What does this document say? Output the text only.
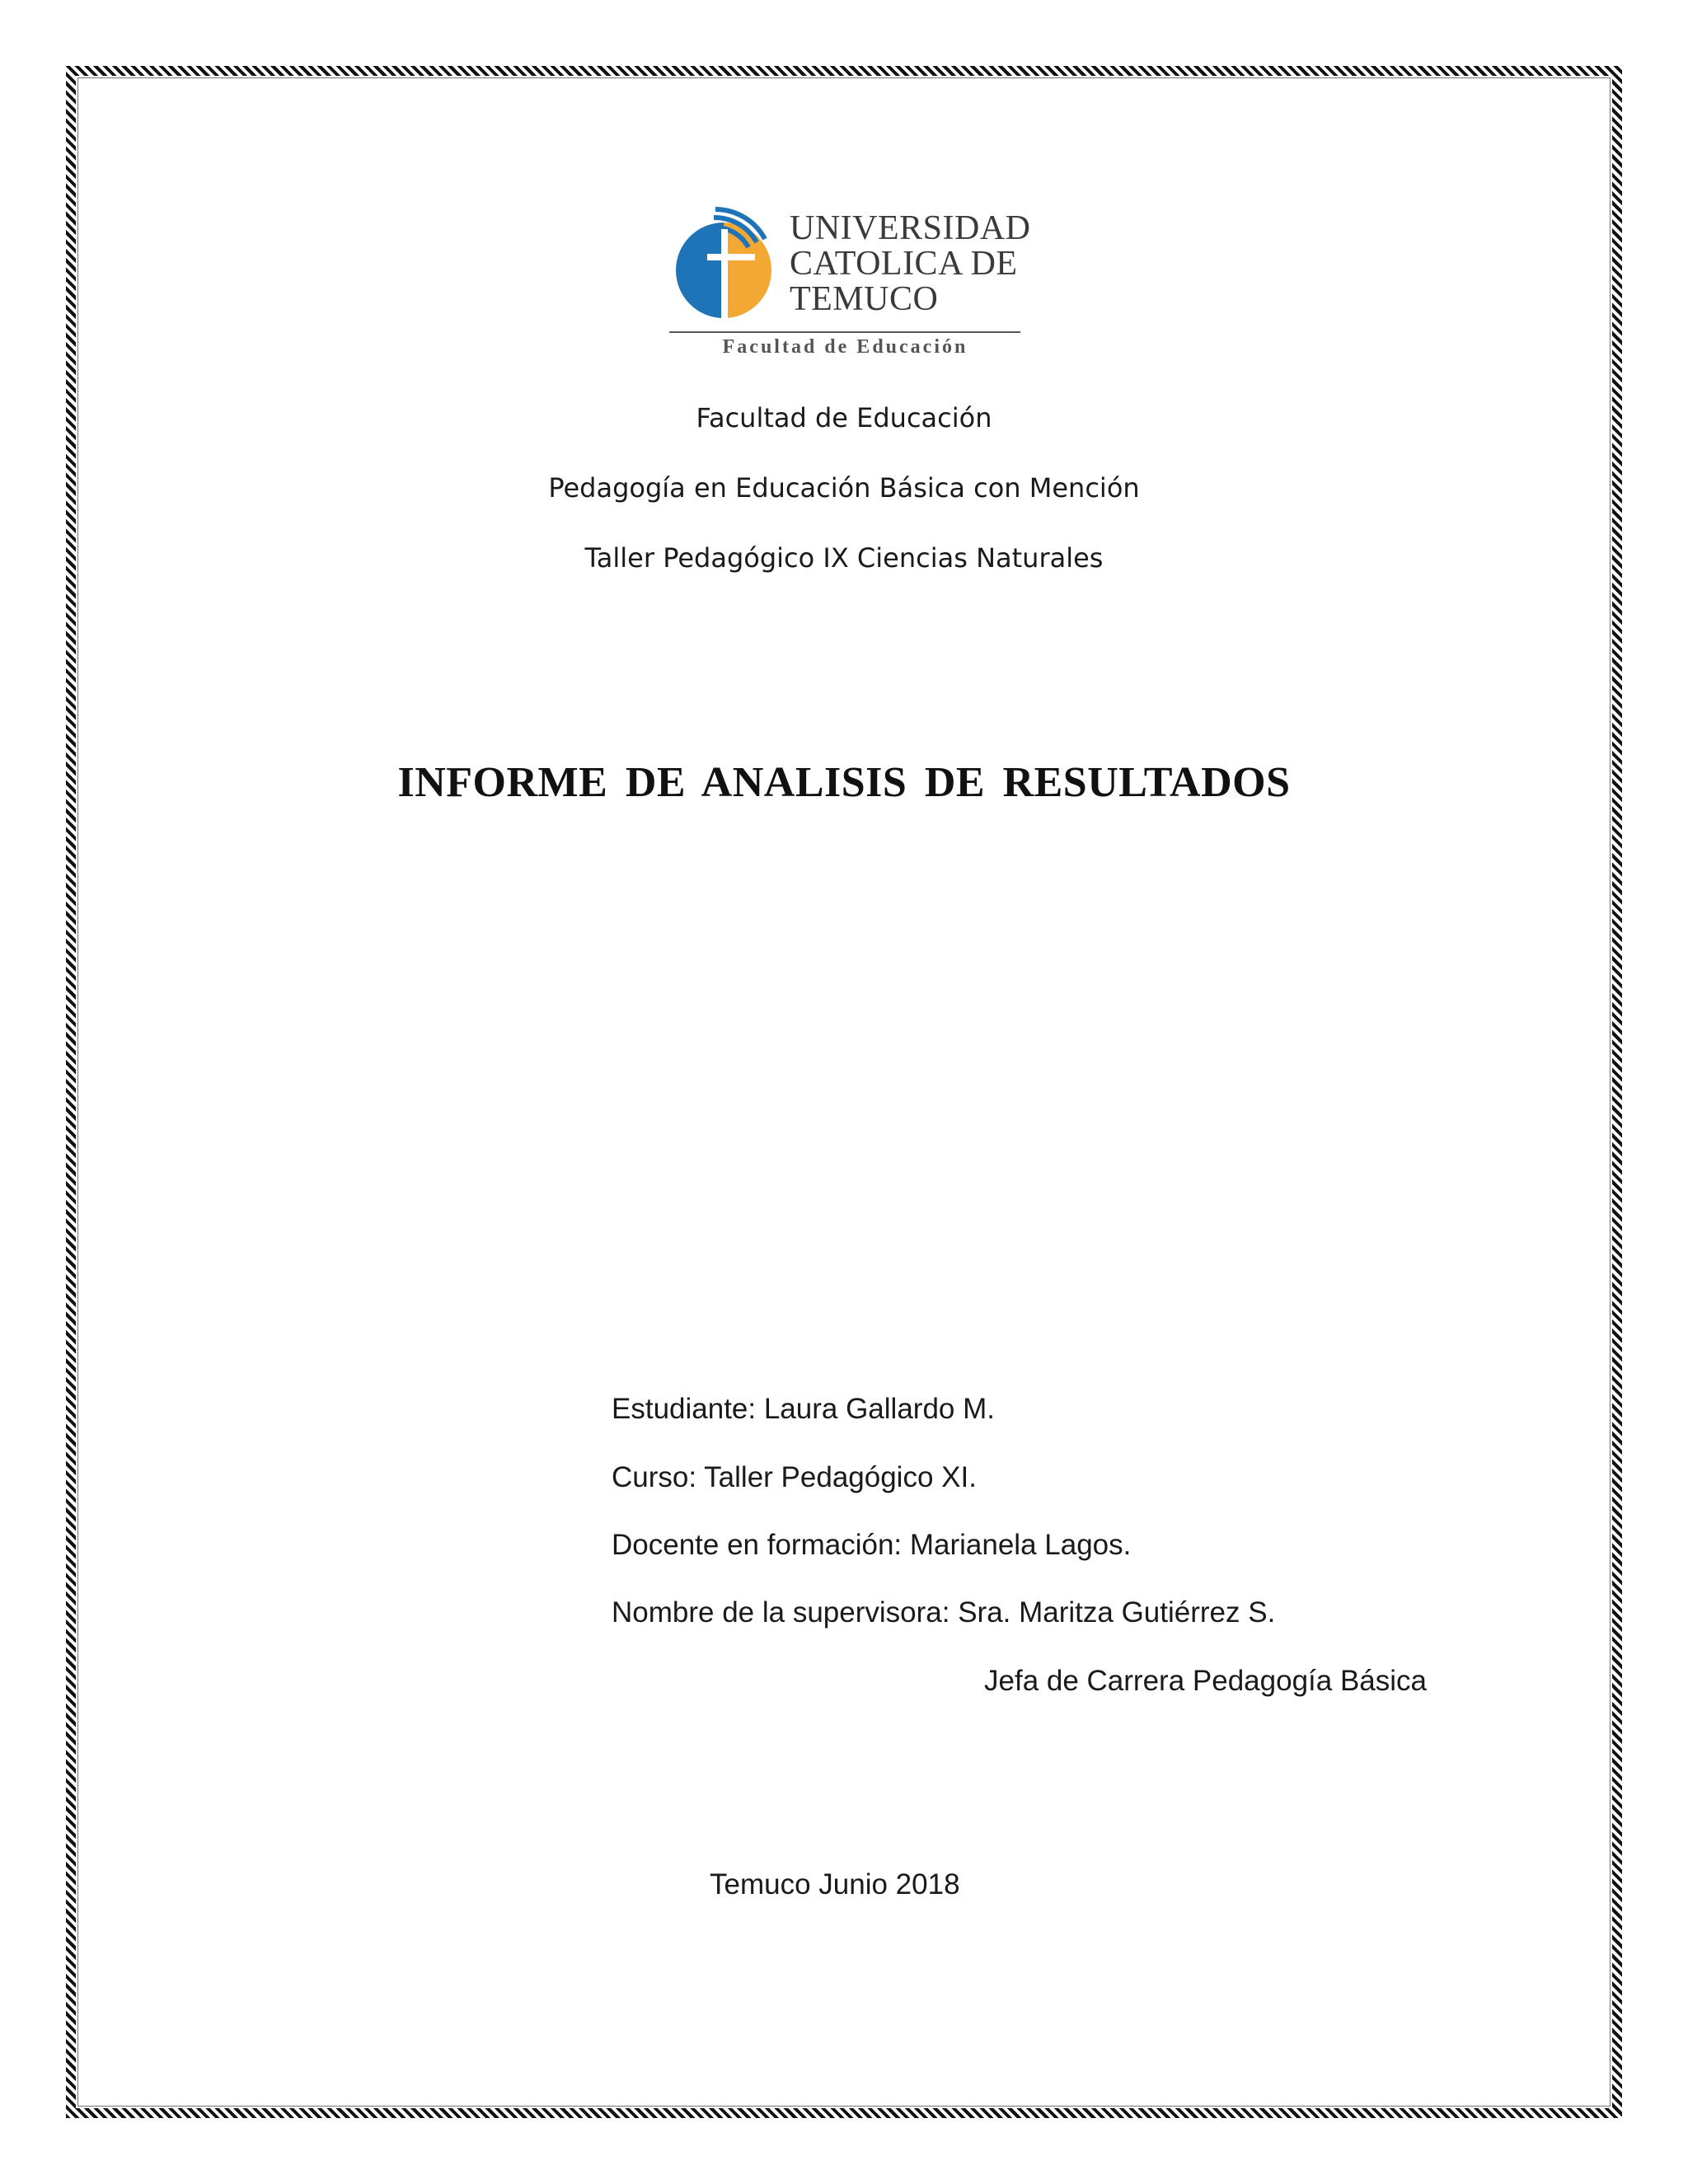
UNIVERSIDAD
CATOLICA DE
TEMUCO
Facultad de Educación
Facultad de Educación
Pedagogía en Educación Básica con Mención
Taller Pedagógico IX Ciencias Naturales
INFORME DE ANALISIS DE RESULTADOS
Estudiante: Laura Gallardo M.
Curso: Taller Pedagógico XI.
Docente en formación: Marianela Lagos.
Nombre de la supervisora: Sra. Maritza Gutiérrez S.
Jefa de Carrera Pedagogía Básica
Temuco Junio 2018
